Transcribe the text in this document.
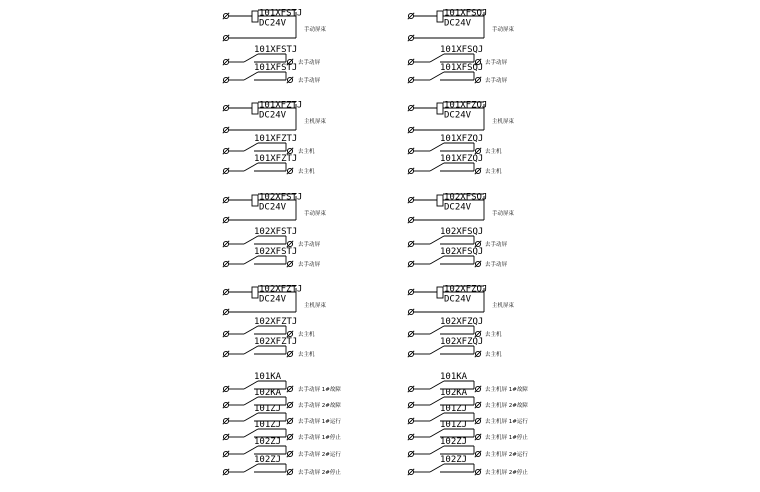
101XFSTJ
DC24V
手动屏束
101XFSTJ
去手动屏
101XFSTJ
去手动屏
101XFZTJ
DC24V
主机屏束
101XFZTJ
去主机
101XFZTJ
去主机
102XFSTJ
DC24V
手动屏束
102XFSTJ
去手动屏
102XFSTJ
去手动屏
102XFZTJ
DC24V
主机屏束
102XFZTJ
去主机
102XFZTJ
去主机
101XFSQJ
DC24V
手动屏束
101XFSQJ
去手动屏
101XFSQJ
去手动屏
101XFZQJ
DC24V
主机屏束
101XFZQJ
去主机
101XFZQJ
去主机
102XFSQJ
DC24V
手动屏束
102XFSQJ
去手动屏
102XFSQJ
去手动屏
102XFZQJ
DC24V
主机屏束
102XFZQJ
去主机
102XFZQJ
去主机
101KA
去手动屏 1#故障
101KA
去主机屏 1#故障
102KA
去手动屏 2#故障
102KA
去主机屏 2#故障
101ZJ
去手动屏 1#运行
101ZJ
去主机屏 1#运行
101ZJ
去手动屏 1#停止
101ZJ
去主机屏 1#停止
102ZJ
去手动屏 2#运行
102ZJ
去主机屏 2#运行
102ZJ
去手动屏 2#停止
102ZJ
去主机屏 2#停止
